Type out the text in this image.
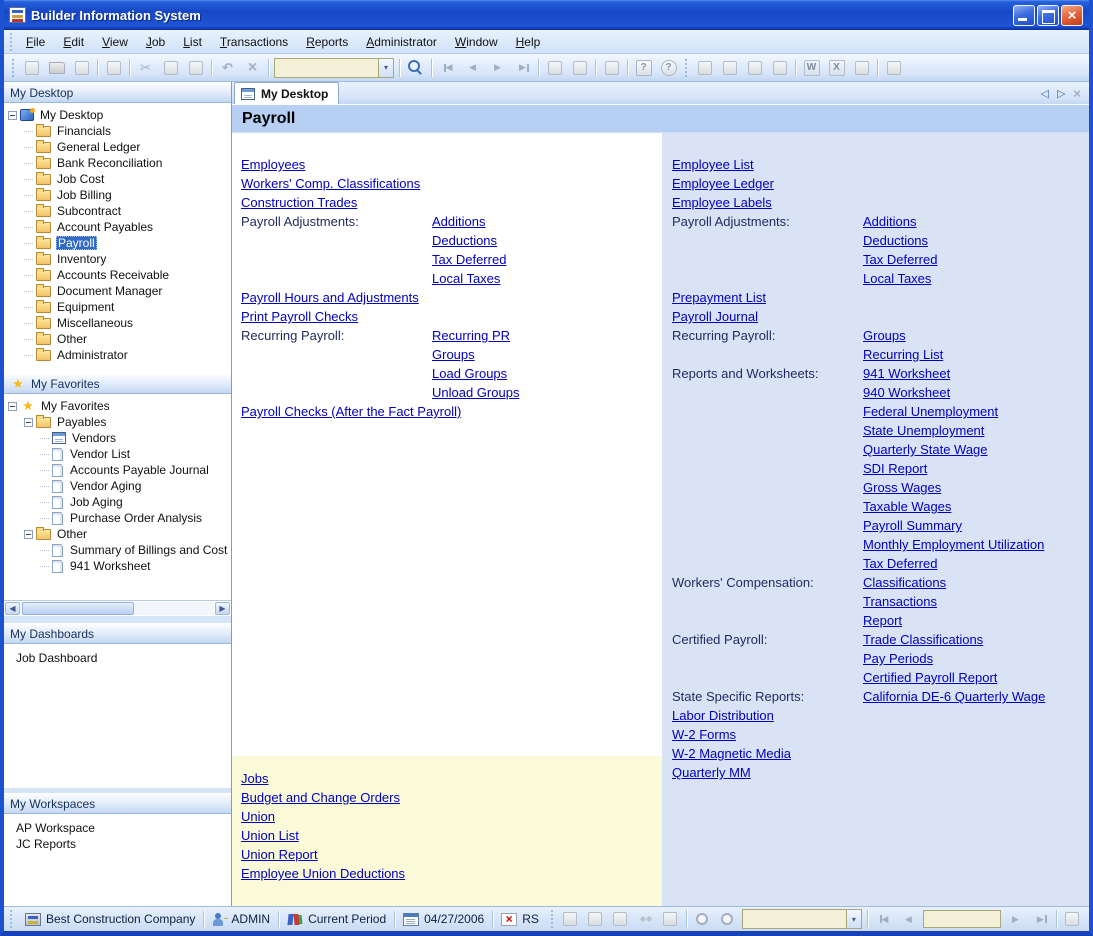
Builder Information System	×
File	Edit	View	Job	List	Transactions	Reports	Administrator	Window	Help
✂
↶
×
▾
◀
◀
▶
▶
?
?
W
X
My Desktop
My Desktop
Financials
General Ledger
Bank Reconciliation
Job Cost
Job Billing
Subcontract
Account Payables
Payroll
Inventory
Accounts Receivable
Document Manager
Equipment
Miscellaneous
Other
Administrator
★
My Favorites
★
My Favorites
Payables
Vendors
Vendor List
Accounts Payable Journal
Vendor Aging
Job Aging
Purchase Order Analysis
Other
Summary of Billings and Cost
941 Worksheet
◀	▶
My Dashboards
Job Dashboard
My Workspaces
AP Workspace
JC Reports
My Desktop	◁ ▷ ×
Payroll
Employees
Workers' Comp. Classifications
Construction Trades
Payroll Adjustments:	Additions
Deductions
Tax Deferred
Local Taxes
Payroll Hours and Adjustments
Print Payroll Checks
Recurring Payroll:	Recurring PR
Groups
Load Groups
Unload Groups
Payroll Checks (After the Fact Payroll)
Jobs
Budget and Change Orders
Union
Union List
Union Report
Employee Union Deductions
Employee List
Employee Ledger
Employee Labels
Payroll Adjustments:	Additions
Deductions
Tax Deferred
Local Taxes
Prepayment List
Payroll Journal
Recurring Payroll:	Groups
Recurring List
Reports and Worksheets:	941 Worksheet
940 Worksheet
Federal Unemployment
State Unemployment
Quarterly State Wage
SDI Report
Gross Wages
Taxable Wages
Payroll Summary
Monthly Employment Utilization
Tax Deferred
Workers' Compensation:	Classifications
Transactions
Report
Certified Payroll:	Trade Classifications
Pay Periods
Certified Payroll Report
State Specific Reports:	California DE-6 Quarterly Wage
Labor Distribution
W-2 Forms
W-2 Magnetic Media
Quarterly MM
Best Construction Company	ADMIN	Current Period	04/27/2006 ×	RS	▾
◀
◀
▶
▶
